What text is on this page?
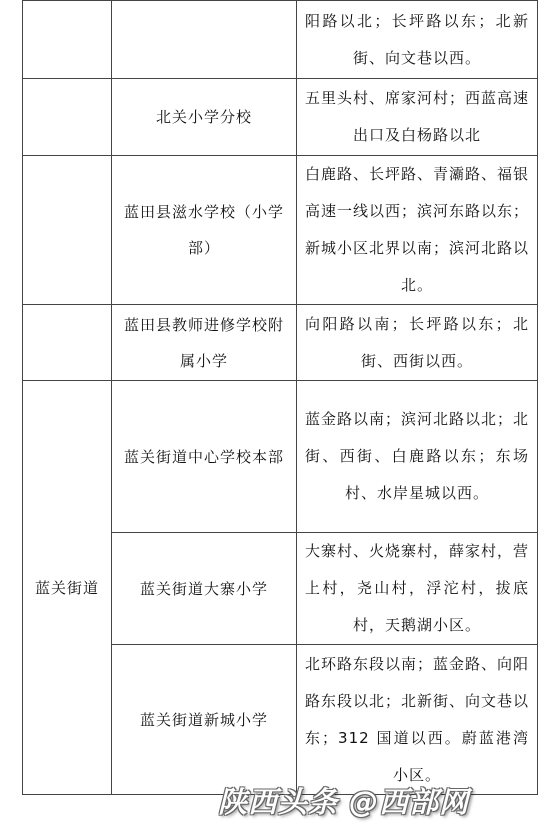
		阳路以北；长坪路以东；北新街、向文巷以西。
	北关小学分校	五里头村、席家河村；西蓝高速出口及白杨路以北
	蓝田县滋水学校（小学部）	白鹿路、长坪路、青灞路、福银高速一线以西；滨河东路以东；新城小区北界以南；滨河北路以北。
	蓝田县教师进修学校附属小学	向阳路以南；长坪路以东；北街、西街以西。
蓝关街道	蓝关街道中心学校本部	蓝金路以南；滨河北路以北；北街、西街、白鹿路以东；东场村、水岸星城以西。
	蓝关街道大寨小学	大寨村、火烧寨村，薛家村，营上村，尧山村，浮沱村，拔底村，天鹅湖小区。
	蓝关街道新城小学	北环路东段以南；蓝金路、向阳路东段以北；北新街、向文巷以东；312 国道以西。蔚蓝港湾小区。
陕西头条 @西部网
